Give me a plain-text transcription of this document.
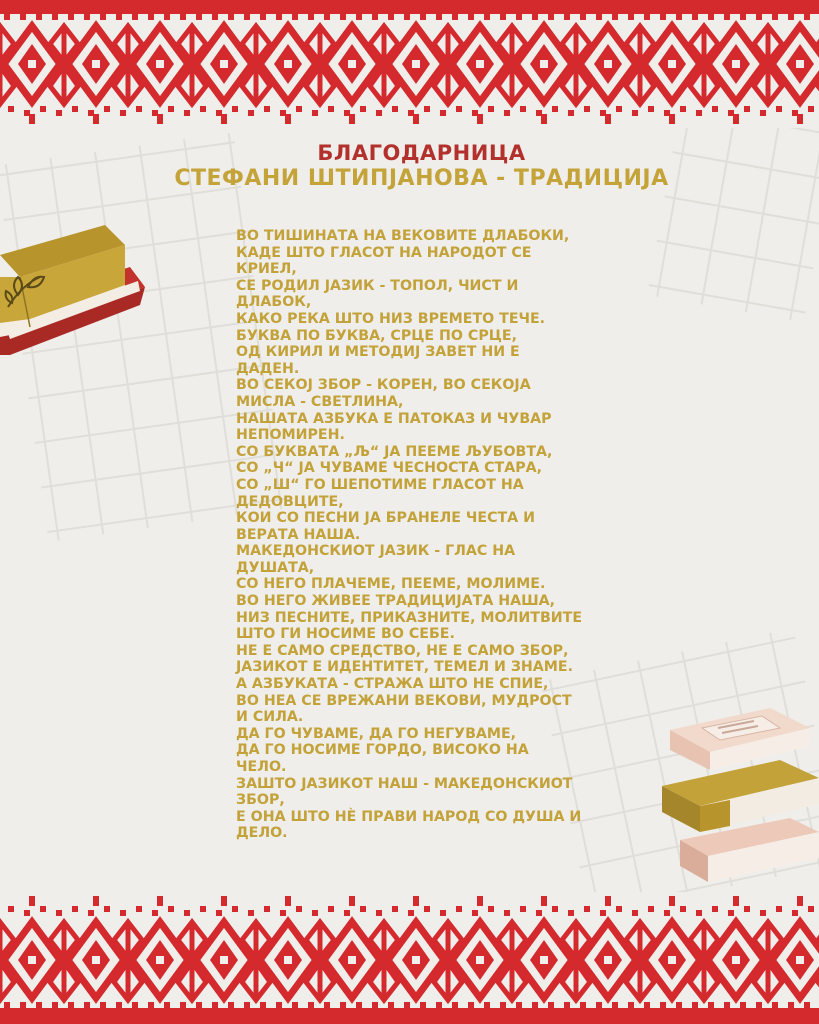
БЛАГОДАРНИЦА
СТЕФАНИ ШТИПЈАНОВА - ТРАДИЦИЈА
ВО ТИШИНАТА НА ВЕКОВИТЕ ДЛАБОКИ,
КАДЕ ШТО ГЛАСОТ НА НАРОДОТ СЕ
КРИЕЛ,
СЕ РОДИЛ ЈАЗИК - ТОПОЛ, ЧИСТ И
ДЛАБОК,
КАКО РЕКА ШТО НИЗ ВРЕМЕТО ТЕЧЕ.
БУКВА ПО БУКВА, СРЦЕ ПО СРЦЕ,
ОД КИРИЛ И МЕТОДИЈ ЗАВЕТ НИ Е
ДАДЕН.
ВО СЕКОЈ ЗБОР - КОРЕН, ВО СЕКОЈА
МИСЛА - СВЕТЛИНА,
НАШАТА АЗБУКА Е ПАТОКАЗ И ЧУВАР
НЕПОМИРЕН.
СО БУКВАТА „Љ“ ЈА ПЕЕМЕ ЉУБОВТА,
СО „Ч“ ЈА ЧУВАМЕ ЧЕСНОСТА СТАРА,
СО „Ш“ ГО ШЕПОТИМЕ ГЛАСОТ НА
ДЕДОВЦИТЕ,
КОИ СО ПЕСНИ ЈА БРАНЕЛЕ ЧЕСТА И
ВЕРАТА НАША.
МАКЕДОНСКИОТ ЈАЗИК - ГЛАС НА
ДУШАТА,
СО НЕГО ПЛАЧЕМЕ, ПЕЕМЕ, МОЛИМЕ.
ВО НЕГО ЖИВЕЕ ТРАДИЦИЈАТА НАША,
НИЗ ПЕСНИТЕ, ПРИКАЗНИТЕ, МОЛИТВИТЕ
ШТО ГИ НОСИМЕ ВО СЕБЕ.
НЕ Е САМО СРЕДСТВО, НЕ Е САМО ЗБОР,
ЈАЗИКОТ Е ИДЕНТИТЕТ, ТЕМЕЛ И ЗНАМЕ.
А АЗБУКАТА - СТРАЖА ШТО НЕ СПИЕ,
ВО НЕА СЕ ВРЕЖАНИ ВЕКОВИ, МУДРОСТ
И СИЛА.
ДА ГО ЧУВАМЕ, ДА ГО НЕГУВАМЕ,
ДА ГО НОСИМЕ ГОРДО, ВИСОКО НА
ЧЕЛО.
ЗАШТО ЈАЗИКОТ НАШ - МАКЕДОНСКИОТ
ЗБОР,
Е ОНА ШТО НÈ ПРАВИ НАРОД СО ДУША И
ДЕЛО.
